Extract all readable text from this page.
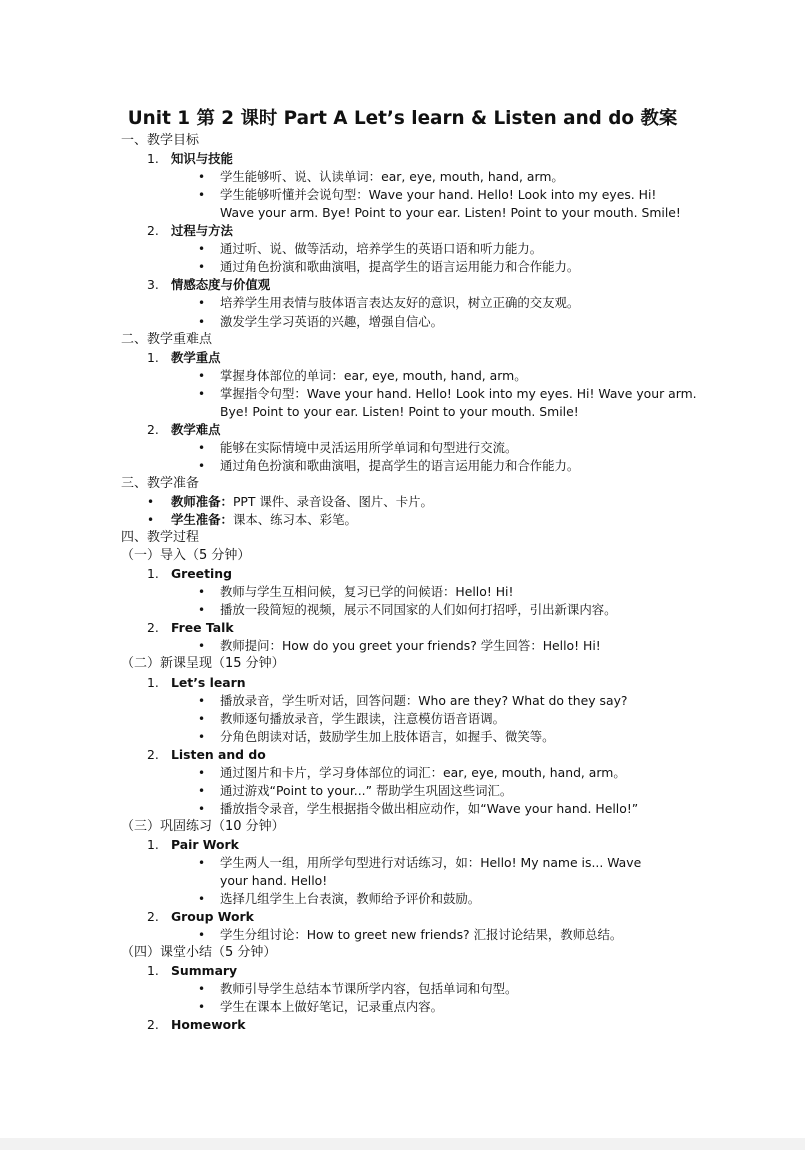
Unit 1 第 2 课时 Part A Let’s learn & Listen and do 教案
一、教学目标
1. 知识与技能
• 学生能够听、说、认读单词：ear, eye, mouth, hand, arm。
• 学生能够听懂并会说句型：Wave your hand. Hello! Look into my eyes. Hi!
Wave your arm. Bye! Point to your ear. Listen! Point to your mouth. Smile!
2. 过程与方法
• 通过听、说、做等活动，培养学生的英语口语和听力能力。
• 通过角色扮演和歌曲演唱，提高学生的语言运用能力和合作能力。
3. 情感态度与价值观
• 培养学生用表情与肢体语言表达友好的意识，树立正确的交友观。
• 激发学生学习英语的兴趣，增强自信心。
二、教学重难点
1. 教学重点
• 掌握身体部位的单词：ear, eye, mouth, hand, arm。
• 掌握指令句型：Wave your hand. Hello! Look into my eyes. Hi! Wave your arm.
Bye! Point to your ear. Listen! Point to your mouth. Smile!
2. 教学难点
• 能够在实际情境中灵活运用所学单词和句型进行交流。
• 通过角色扮演和歌曲演唱，提高学生的语言运用能力和合作能力。
三、教学准备
• 教师准备：PPT 课件、录音设备、图片、卡片。
• 学生准备：课本、练习本、彩笔。
四、教学过程
（一）导入（5 分钟）
1. Greeting
• 教师与学生互相问候，复习已学的问候语：Hello! Hi!
• 播放一段简短的视频，展示不同国家的人们如何打招呼，引出新课内容。
2. Free Talk
• 教师提问：How do you greet your friends? 学生回答：Hello! Hi!
（二）新课呈现（15 分钟）
1. Let’s learn
• 播放录音，学生听对话，回答问题：Who are they? What do they say?
• 教师逐句播放录音，学生跟读，注意模仿语音语调。
• 分角色朗读对话，鼓励学生加上肢体语言，如握手、微笑等。
2. Listen and do
• 通过图片和卡片，学习身体部位的词汇：ear, eye, mouth, hand, arm。
• 通过游戏“Point to your...” 帮助学生巩固这些词汇。
• 播放指令录音，学生根据指令做出相应动作，如“Wave your hand. Hello!”
（三）巩固练习（10 分钟）
1. Pair Work
• 学生两人一组，用所学句型进行对话练习，如：Hello! My name is... Wave
your hand. Hello!
• 选择几组学生上台表演，教师给予评价和鼓励。
2. Group Work
• 学生分组讨论：How to greet new friends? 汇报讨论结果，教师总结。
（四）课堂小结（5 分钟）
1. Summary
• 教师引导学生总结本节课所学内容，包括单词和句型。
• 学生在课本上做好笔记，记录重点内容。
2. Homework
